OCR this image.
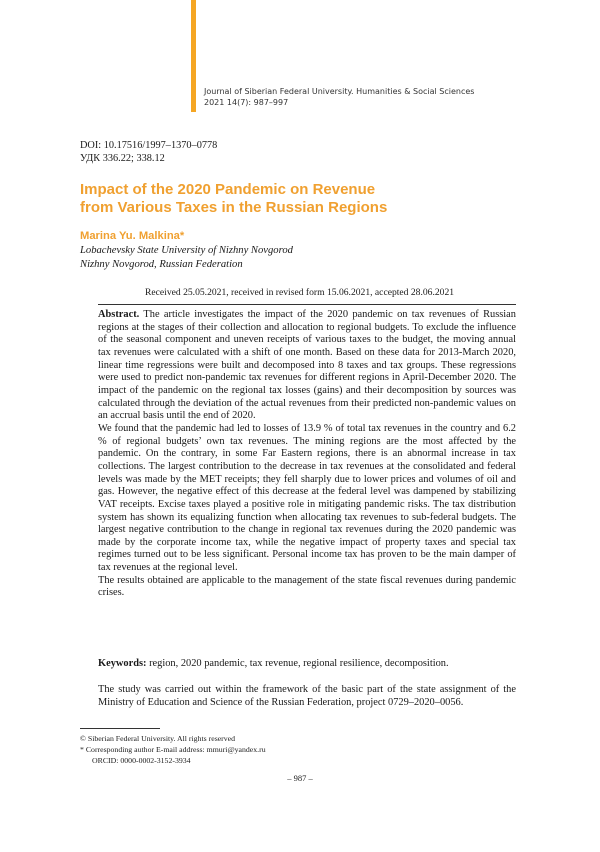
Journal of Siberian Federal University. Humanities & Social Sciences
2021 14(7): 987–997
DOI: 10.17516/1997–1370–0778
УДК 336.22; 338.12
Impact of the 2020 Pandemic on Revenue
from Various Taxes in the Russian Regions
Marina Yu. Malkina*
Lobachevsky State University of Nizhny Novgorod
Nizhny Novgorod, Russian Federation
Received 25.05.2021, received in revised form 15.06.2021, accepted 28.06.2021

Abstract. The article investigates the impact of the 2020 pandemic on tax revenues of Russian regions at the stages of their collection and allocation to regional budgets. To exclude the influence of the seasonal component and uneven receipts of various taxes to the budget, the moving annual tax revenues were calculated with a shift of one month. Based on these data for 2013-March 2020, linear time regressions were built and decomposed into 8 taxes and tax groups. These regressions were used to predict non-pandemic tax revenues for different regions in April-December 2020. The impact of the pandemic on the regional tax losses (gains) and their decomposition by sources was calculated through the deviation of the actual revenues from their predicted non-pandemic values on an accrual basis until the end of 2020.

We found that the pandemic had led to losses of 13.9 % of total tax revenues in the country and 6.2 % of regional budgets’ own tax revenues. The mining regions are the most affected by the pandemic. On the contrary, in some Far Eastern regions, there is an abnormal increase in tax collections. The largest contribution to the decrease in tax revenues at the consolidated and federal levels was made by the MET receipts; they fell sharply due to lower prices and volumes of oil and gas. However, the negative effect of this decrease at the federal level was dampened by stabilizing VAT receipts. Excise taxes played a positive role in mitigating pandemic risks. The tax distribution system has shown its equalizing function when allocating tax revenues to sub-federal budgets. The largest negative contribution to the change in regional tax revenues during the 2020 pandemic was made by the corporate income tax, while the negative impact of property taxes and special tax regimes turned out to be less significant. Personal income tax has proven to be the main damper of tax revenues at the regional level.

The results obtained are applicable to the management of the state fiscal revenues during pandemic crises.

Keywords: region, 2020 pandemic, tax revenue, regional resilience, decomposition.
The study was carried out within the framework of the basic part of the state assignment of the Ministry of Education and Science of the Russian Federation, project 0729–2020–0056.
© Siberian Federal University. All rights reserved
* Corresponding author E-mail address: mmuri@yandex.ru
ORCID: 0000-0002-3152-3934
– 987 –
